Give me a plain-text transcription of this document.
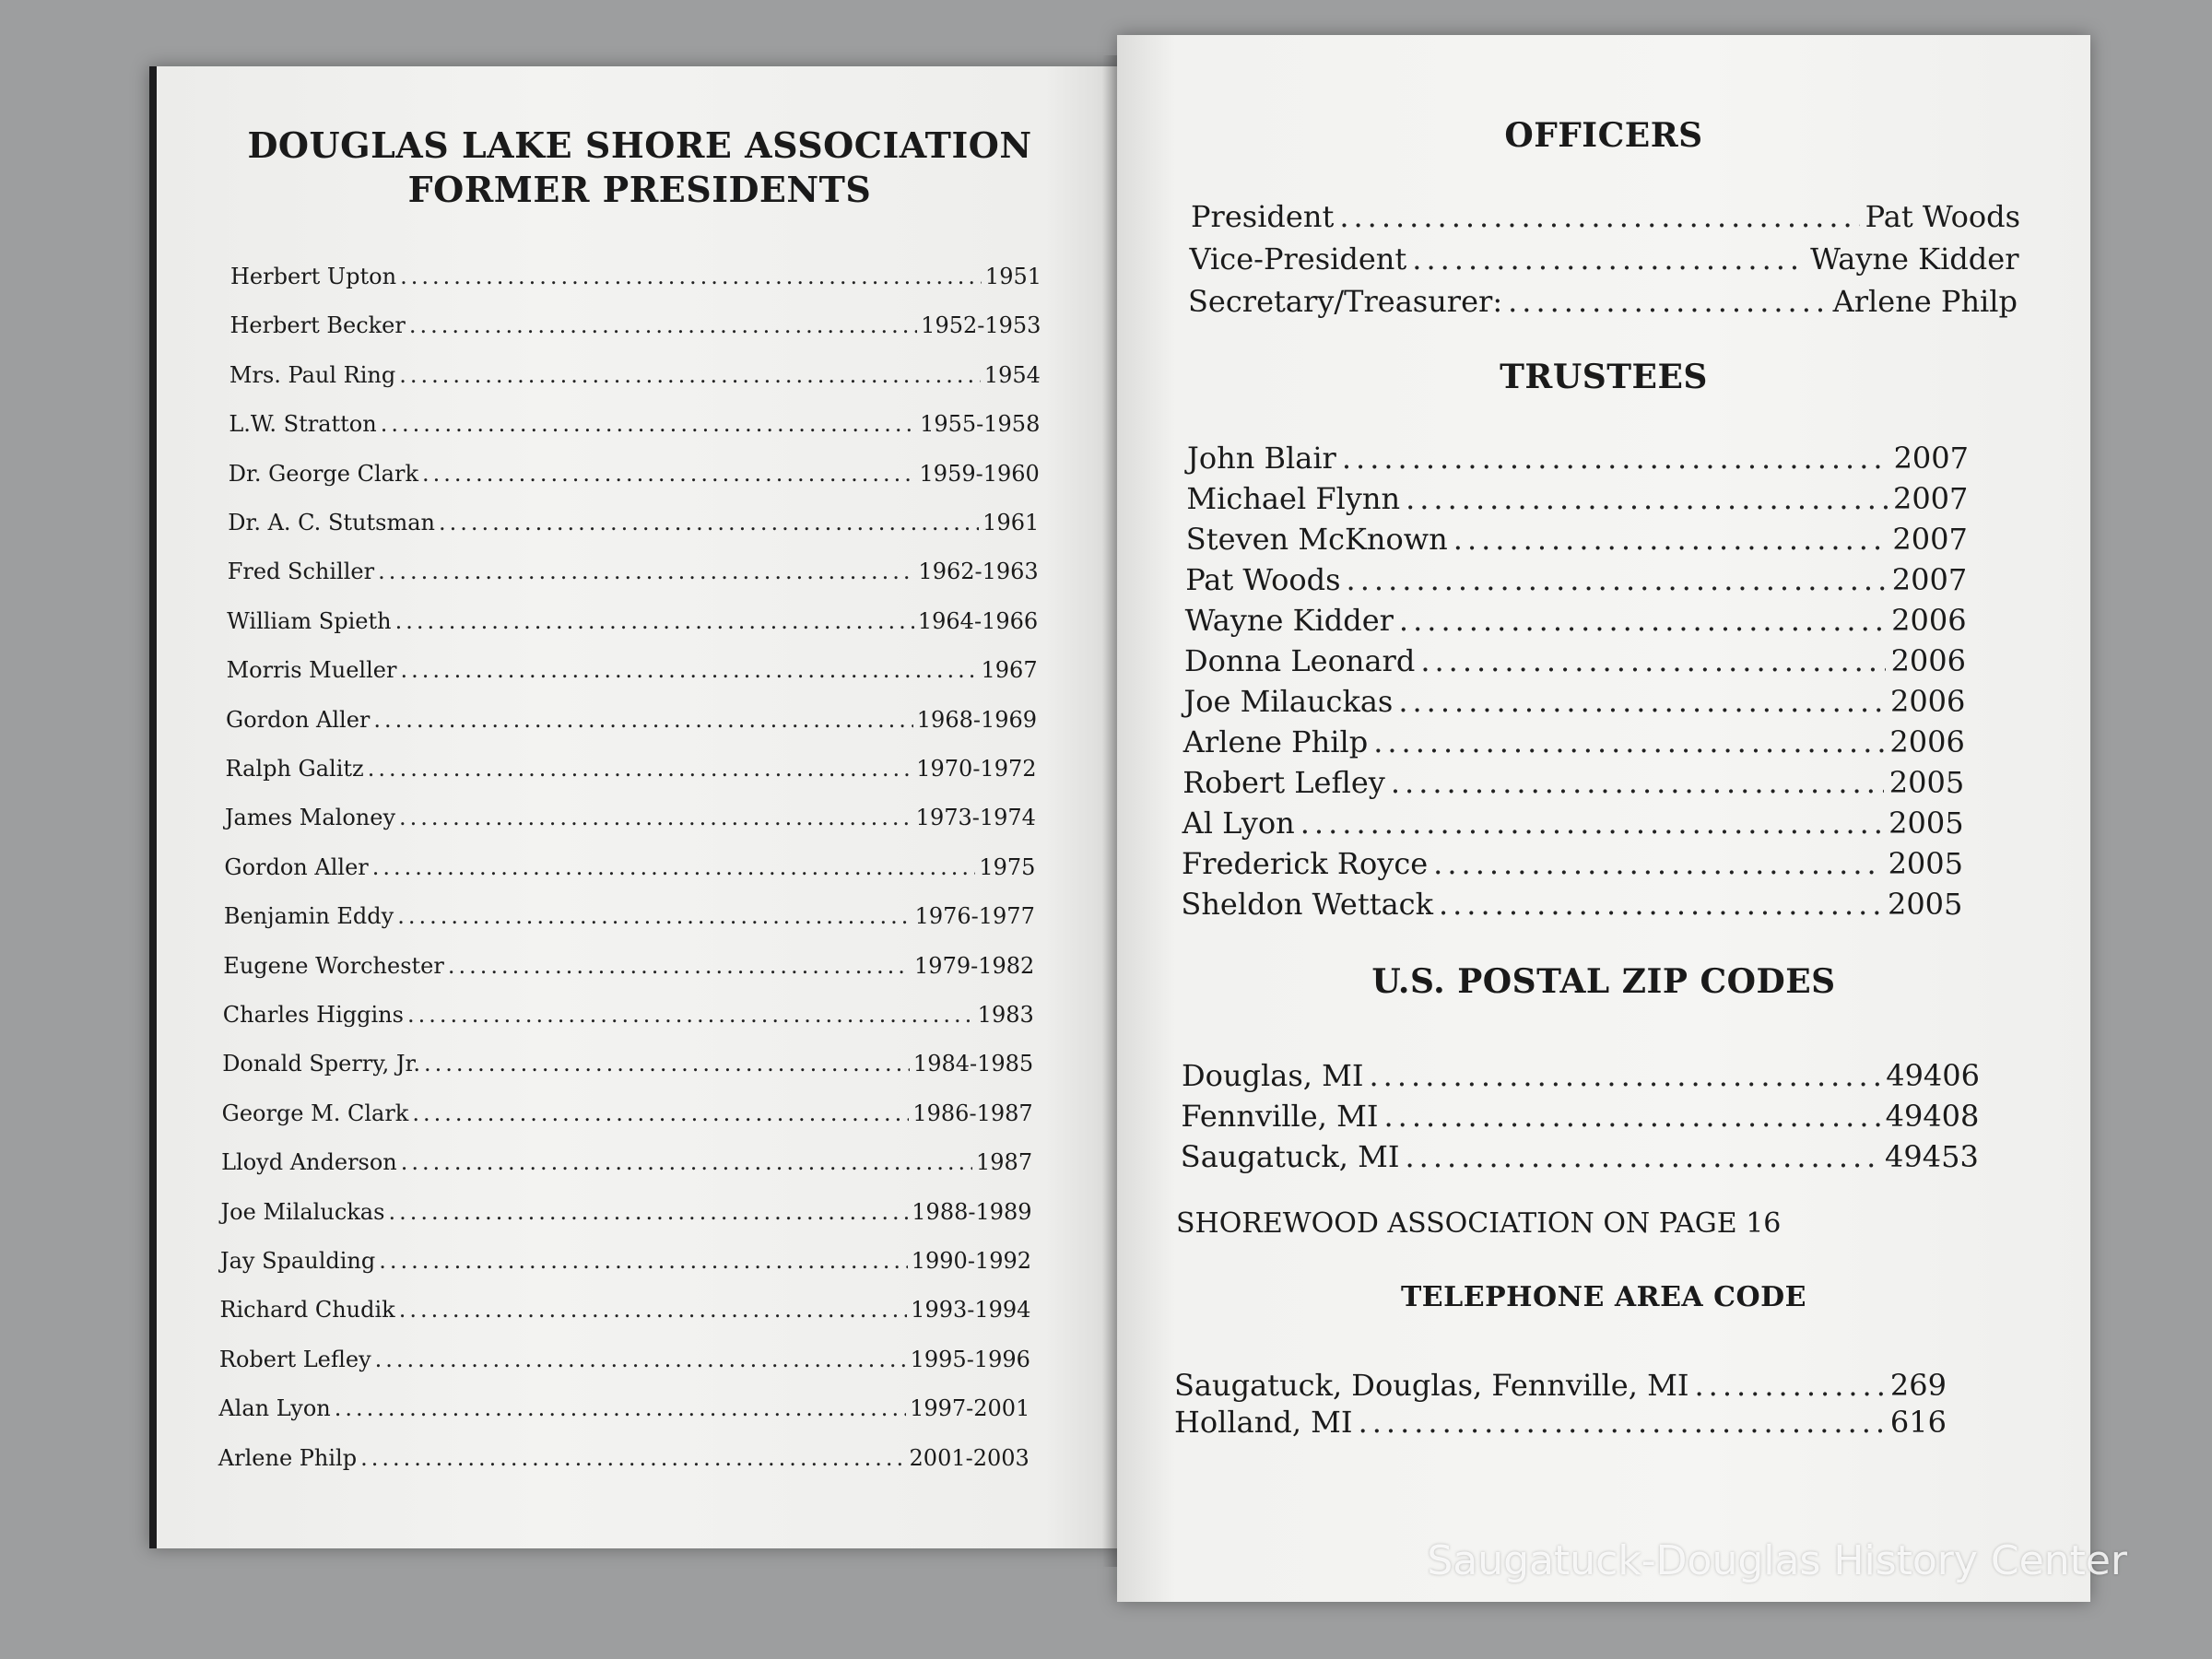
DOUGLAS LAKE SHORE ASSOCIATION
FORMER PRESIDENTS
Herbert Upton .....	1951
Herbert Becker .....	1952-1953
Mrs. Paul Ring .....	1954
L.W. Stratton .....	1955-1958
Dr. George Clark .....	1959-1960
Dr. A. C. Stutsman .....	1961
Fred Schiller .....	1962-1963
William Spieth .....	1964-1966
Morris Mueller .....	1967
Gordon Aller .....	1968-1969
Ralph Galitz .....	1970-1972
James Maloney .....	1973-1974
Gordon Aller .....	1975
Benjamin Eddy .....	1976-1977
Eugene Worchester .....	1979-1982
Charles Higgins .....	1983
Donald Sperry, Jr. .....	1984-1985
George M. Clark .....	1986-1987
Lloyd Anderson .....	1987
Joe Milaluckas .....	1988-1989
Jay Spaulding .....	1990-1992
Richard Chudik .....	1993-1994
Robert Lefley .....	1995-1996
Alan Lyon .....	1997-2001
Arlene Philp .....	2001-2003
OFFICERS
President .....	Pat Woods
Vice-President .....	Wayne Kidder
Secretary/Treasurer: .....	Arlene Philp
TRUSTEES
John Blair .....	2007
Michael Flynn .....	2007
Steven McKnown .....	2007
Pat Woods .....	2007
Wayne Kidder .....	2006
Donna Leonard .....	2006
Joe Milauckas .....	2006
Arlene Philp .....	2006
Robert Lefley .....	2005
Al Lyon .....	2005
Frederick Royce .....	2005
Sheldon Wettack .....	2005
U.S. POSTAL ZIP CODES
Douglas, MI .....	49406
Fennville, MI .....	49408
Saugatuck, MI .....	49453
SHOREWOOD ASSOCIATION ON PAGE 16
TELEPHONE AREA CODE
Saugatuck, Douglas, Fennville, MI .....	269
Holland, MI .....	616
Saugatuck-Douglas History Center
